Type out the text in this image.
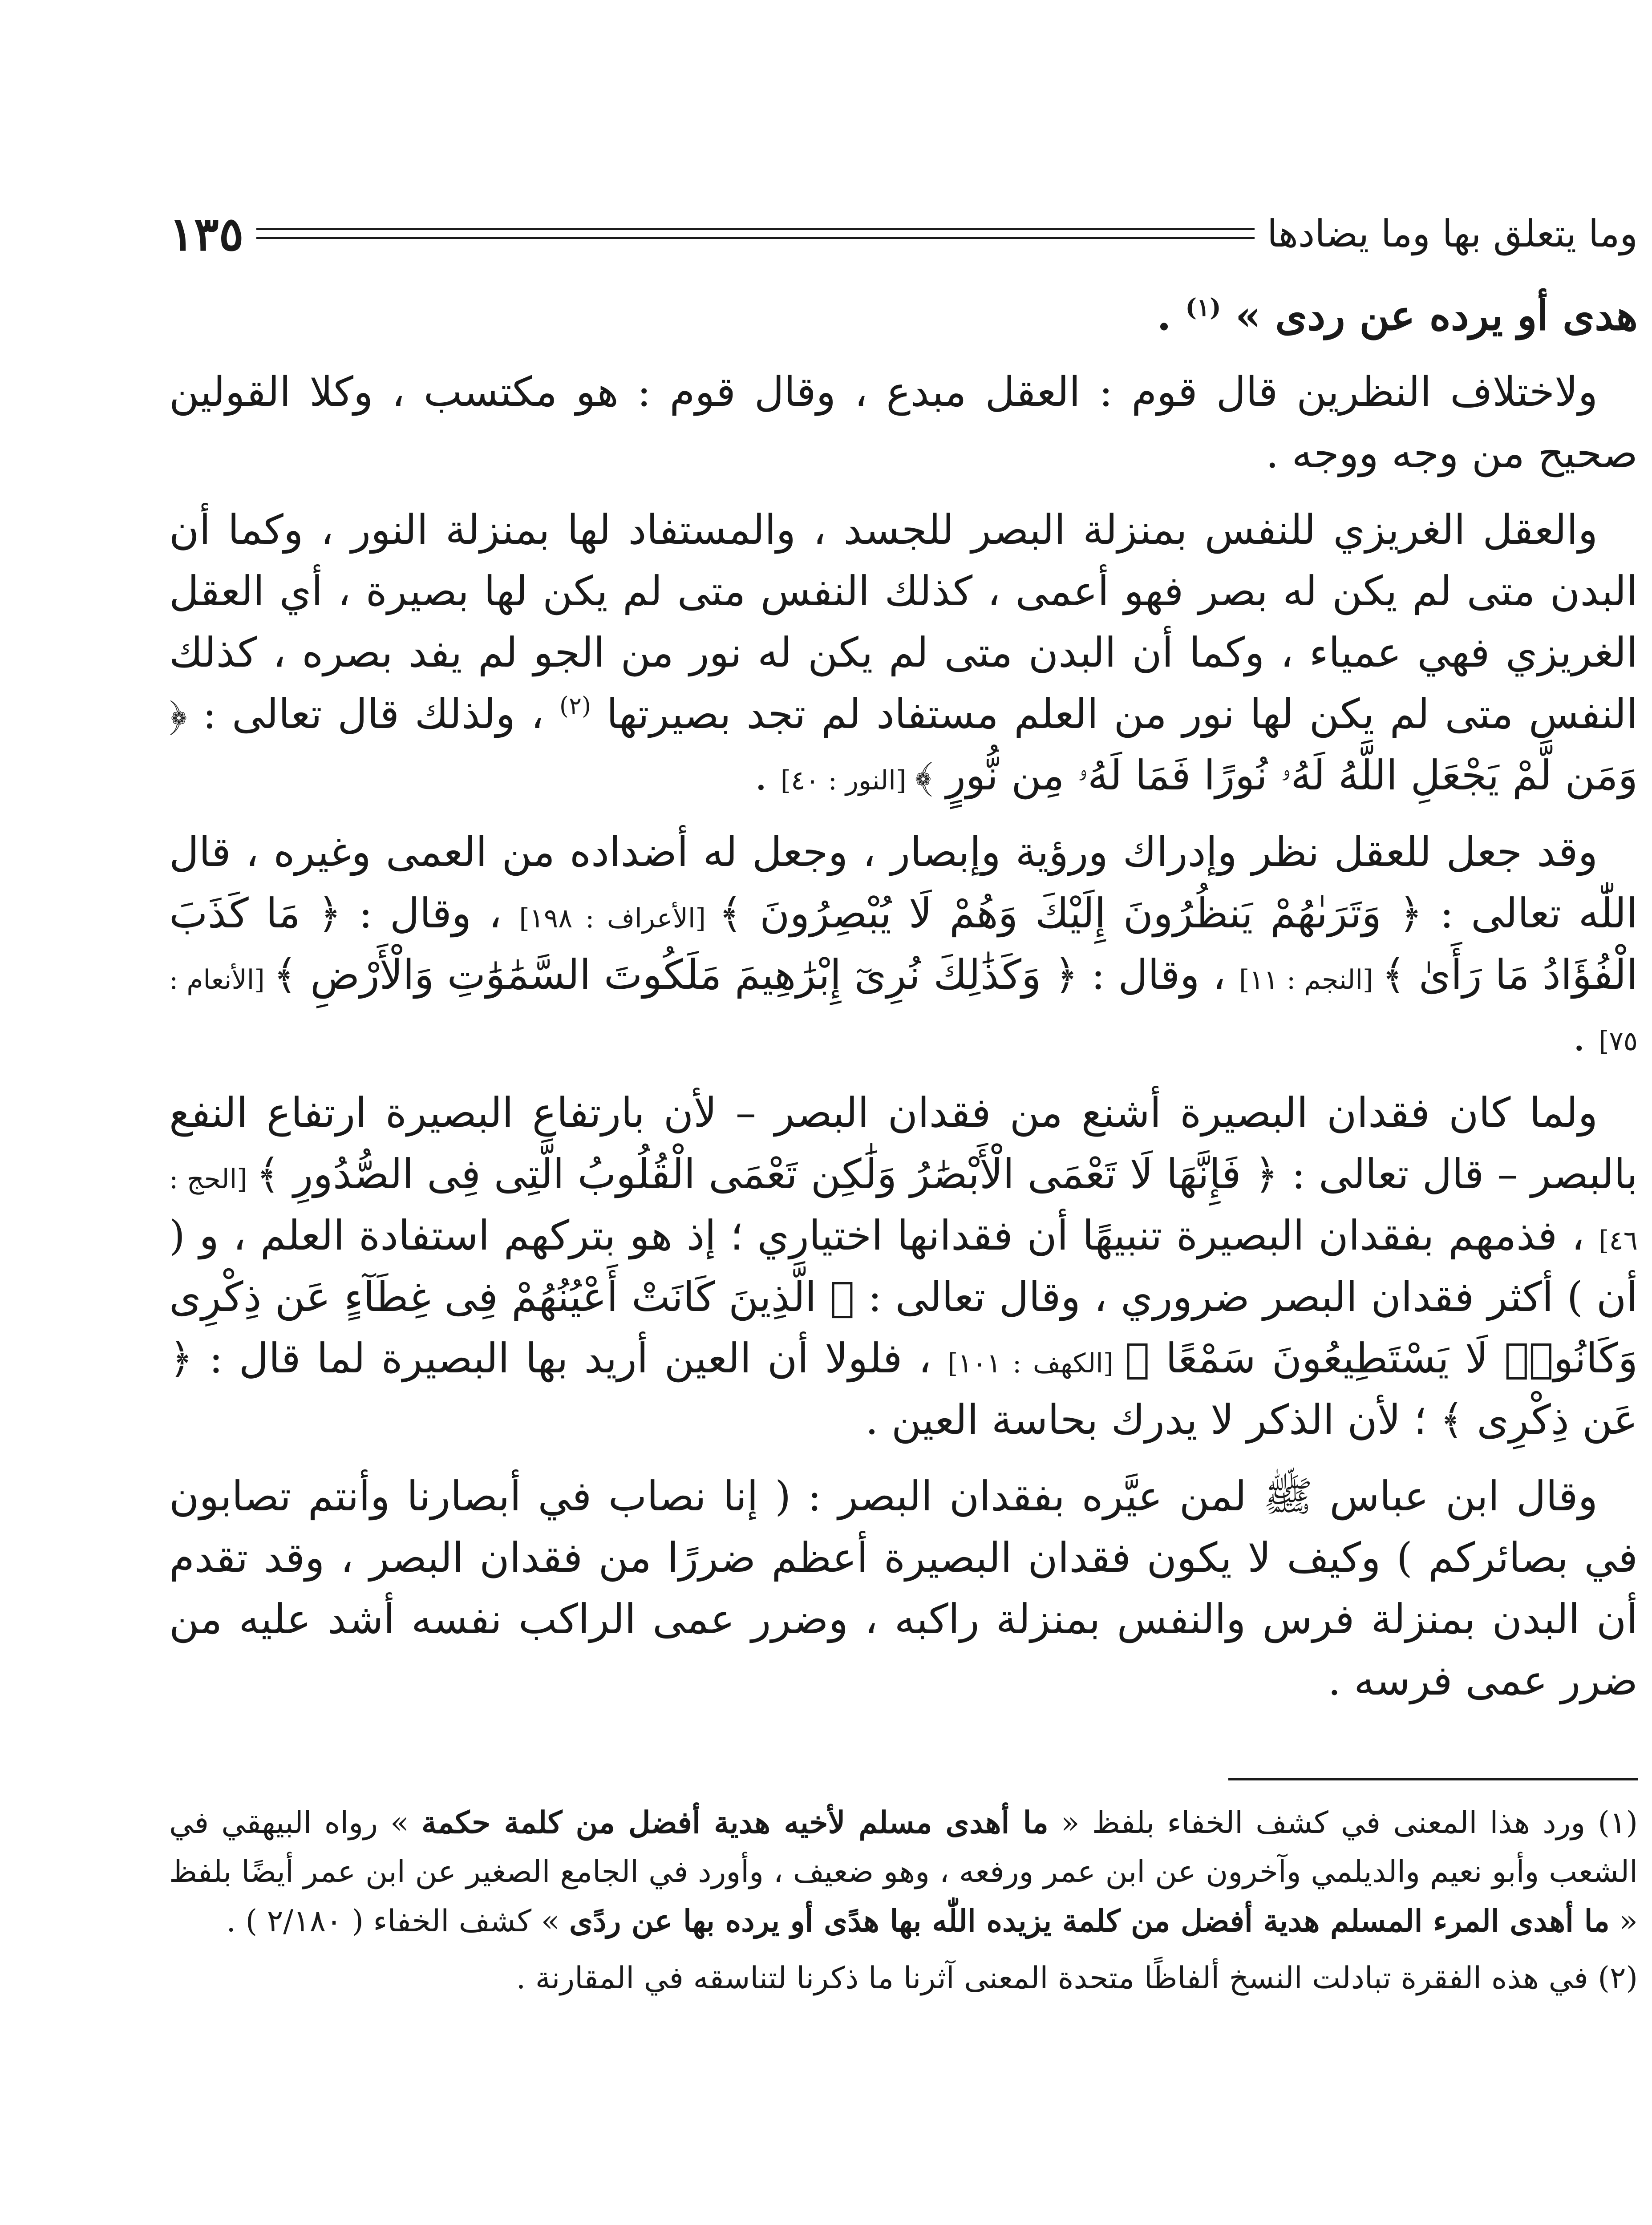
وما يتعلق بها وما يضادها
١٣٥

هدى أو يرده عن ردى » $^{(١)}$ .

ولاختلاف النظرين قال قوم : العقل مبدع ، وقال قوم : هو مكتسب ، وكلا القولين صحيح من وجه ووجه .

والعقل الغريزي للنفس بمنزلة البصر للجسد ، والمستفاد لها بمنزلة النور ، وكما أن البدن متى لم يكن له بصر فهو أعمى ، كذلك النفس متى لم يكن لها بصيرة ، أي العقل الغريزي فهي عمياء ، وكما أن البدن متى لم يكن له نور من الجو لم يفد بصره ، كذلك النفس متى لم يكن لها نور من العلم مستفاد لم تجد بصيرتها $^{(٢)}$ ، ولذلك قال تعالى : ﴿ وَمَن لَّمْ يَجْعَلِ اللَّهُ لَهُۥ نُورًا فَمَا لَهُۥ مِن نُّورٍ ﴾ [النور : ٤٠] .

وقد جعل للعقل نظر وإدراك ورؤية وإبصار ، وجعل له أضداده من العمى وغيره ، قال اللّٰه تعالى : ﴿ وَتَرَىٰهُمْ يَنظُرُونَ إِلَيْكَ وَهُمْ لَا يُبْصِرُونَ ﴾ [الأعراف : ١٩٨] ، وقال : ﴿ مَا كَذَبَ الْفُؤَادُ مَا رَأَىٰ ﴾ [النجم : ١١] ، وقال : ﴿ وَكَذَٰلِكَ نُرِىٓ إِبْرَٰهِيمَ مَلَكُوتَ السَّمَٰوَٰتِ وَالْأَرْضِ ﴾ [الأنعام : ٧٥] .

ولما كان فقدان البصيرة أشنع من فقدان البصر – لأن بارتفاع البصيرة ارتفاع النفع بالبصر – قال تعالى : ﴿ فَإِنَّهَا لَا تَعْمَى الْأَبْصَٰرُ وَلَٰكِن تَعْمَى الْقُلُوبُ الَّتِى فِى الصُّدُورِ ﴾ [الحج : ٤٦] ، فذمهم بفقدان البصيرة تنبيهًا أن فقدانها اختياري ؛ إذ هو بتركهم استفادة العلم ، و ( أن ) أكثر فقدان البصر ضروري ، وقال تعالى : ﴿ الَّذِينَ كَانَتْ أَعْيُنُهُمْ فِى غِطَآءٍ عَن ذِكْرِى وَكَانُوا۟ لَا يَسْتَطِيعُونَ سَمْعًا ﴾ [الكهف : ١٠١] ، فلولا أن العين أريد بها البصيرة لما قال : ﴿ عَن ذِكْرِى ﴾ ؛ لأن الذكر لا يدرك بحاسة العين .

وقال ابن عباس ﷺ لمن عيَّره بفقدان البصر : ( إنا نصاب في أبصارنا وأنتم تصابون في بصائركم ) وكيف لا يكون فقدان البصيرة أعظم ضررًا من فقدان البصر ، وقد تقدم أن البدن بمنزلة فرس والنفس بمنزلة راكبه ، وضرر عمى الراكب نفسه أشد عليه من ضرر عمى فرسه .

(١) ورد هذا المعنى في كشف الخفاء بلفظ « ما أهدى مسلم لأخيه هدية أفضل من كلمة حكمة » رواه البيهقي في الشعب وأبو نعيم والديلمي وآخرون عن ابن عمر ورفعه ، وهو ضعيف ، وأورد في الجامع الصغير عن ابن عمر أيضًا بلفظ « ما أهدى المرء المسلم هدية أفضل من كلمة يزيده اللّٰه بها هدًى أو يرده بها عن ردًى » كشف الخفاء ( ٢/١٨٠ ) .

(٢) في هذه الفقرة تبادلت النسخ ألفاظًا متحدة المعنى آثرنا ما ذكرنا لتناسقه في المقارنة .
